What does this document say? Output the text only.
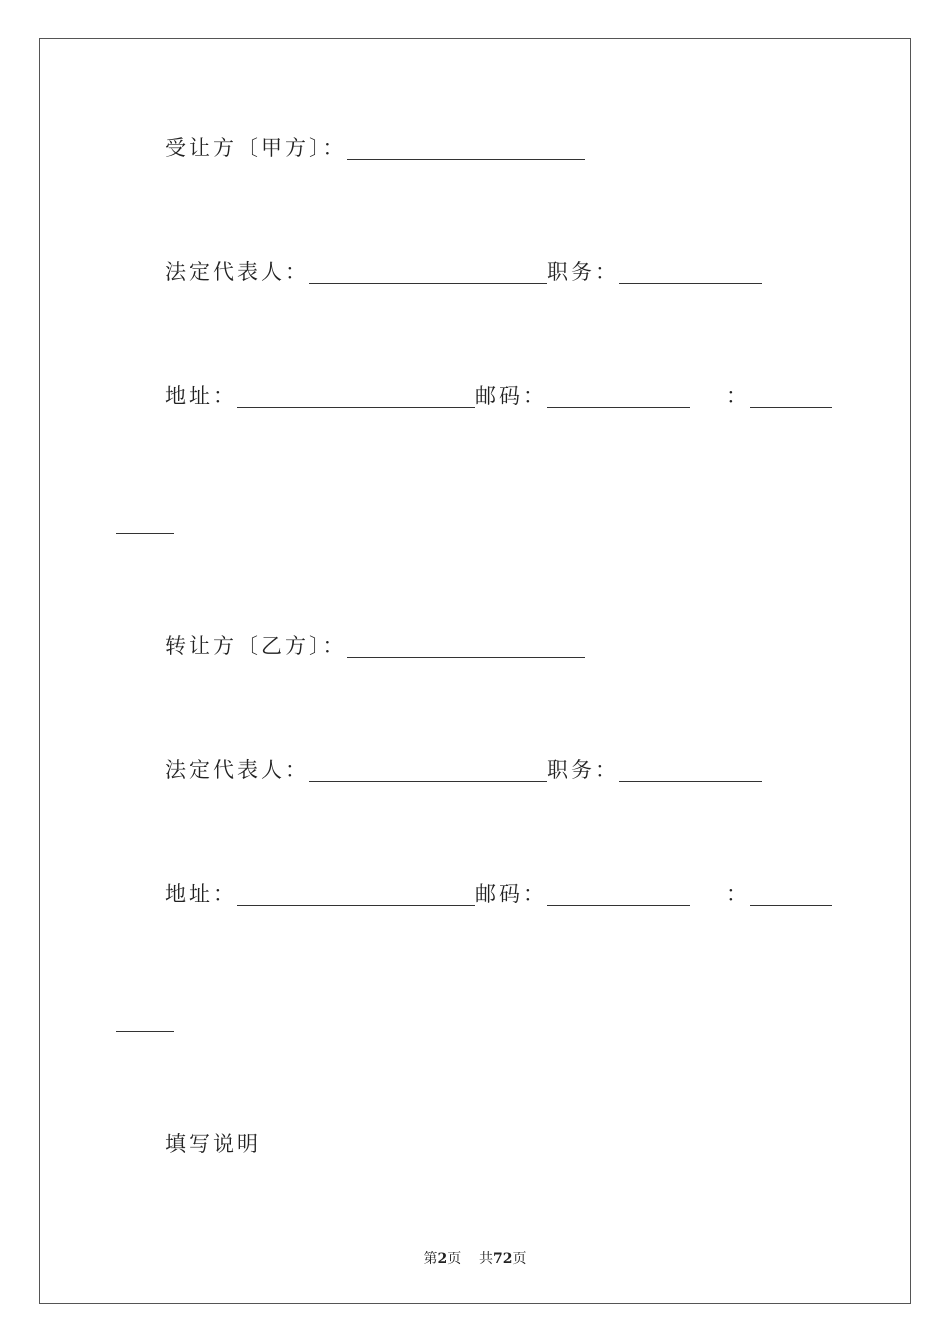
受让方〔甲方〕：
法定代表人：	职务：
地址：	邮码：	：
转让方〔乙方〕：
法定代表人：	职务：
地址：	邮码：	：
填写说明
第2页 共72页
